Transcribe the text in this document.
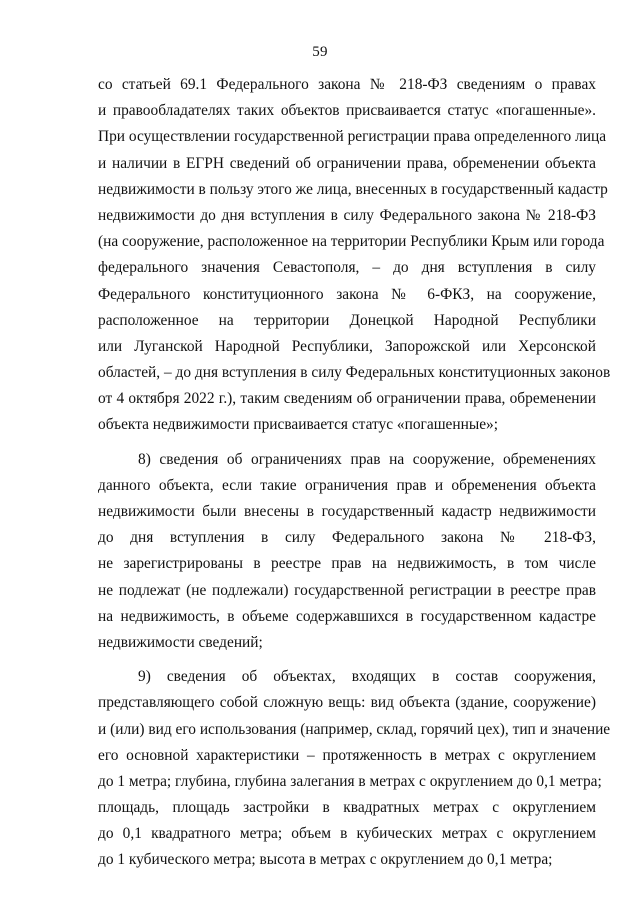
59
со статьей 69.1 Федерального закона № 218-ФЗ сведениям о правах
и правообладателях таких объектов присваивается статус «погашенные».
При осуществлении государственной регистрации права определенного лица
и наличии в ЕГРН сведений об ограничении права, обременении объекта
недвижимости в пользу этого же лица, внесенных в государственный кадастр
недвижимости до дня вступления в силу Федерального закона № 218-ФЗ
(на сооружение, расположенное на территории Республики Крым или города
федерального значения Севастополя, – до дня вступления в силу
Федерального конституционного закона № 6-ФКЗ, на сооружение,
расположенное на территории Донецкой Народной Республики
или Луганской Народной Республики, Запорожской или Херсонской
областей, – до дня вступления в силу Федеральных конституционных законов
от 4 октября 2022 г.), таким сведениям об ограничении права, обременении
объекта недвижимости присваивается статус «погашенные»;
8) сведения об ограничениях прав на сооружение, обременениях
данного объекта, если такие ограничения прав и обременения объекта
недвижимости были внесены в государственный кадастр недвижимости
до дня вступления в силу Федерального закона № 218-ФЗ,
не зарегистрированы в реестре прав на недвижимость, в том числе
не подлежат (не подлежали) государственной регистрации в реестре прав
на недвижимость, в объеме содержавшихся в государственном кадастре
недвижимости сведений;
9) сведения об объектах, входящих в состав сооружения,
представляющего собой сложную вещь: вид объекта (здание, сооружение)
и (или) вид его использования (например, склад, горячий цех), тип и значение
его основной характеристики – протяженность в метрах с округлением
до 1 метра; глубина, глубина залегания в метрах с округлением до 0,1 метра;
площадь, площадь застройки в квадратных метрах с округлением
до 0,1 квадратного метра; объем в кубических метрах с округлением
до 1 кубического метра; высота в метрах с округлением до 0,1 метра;
